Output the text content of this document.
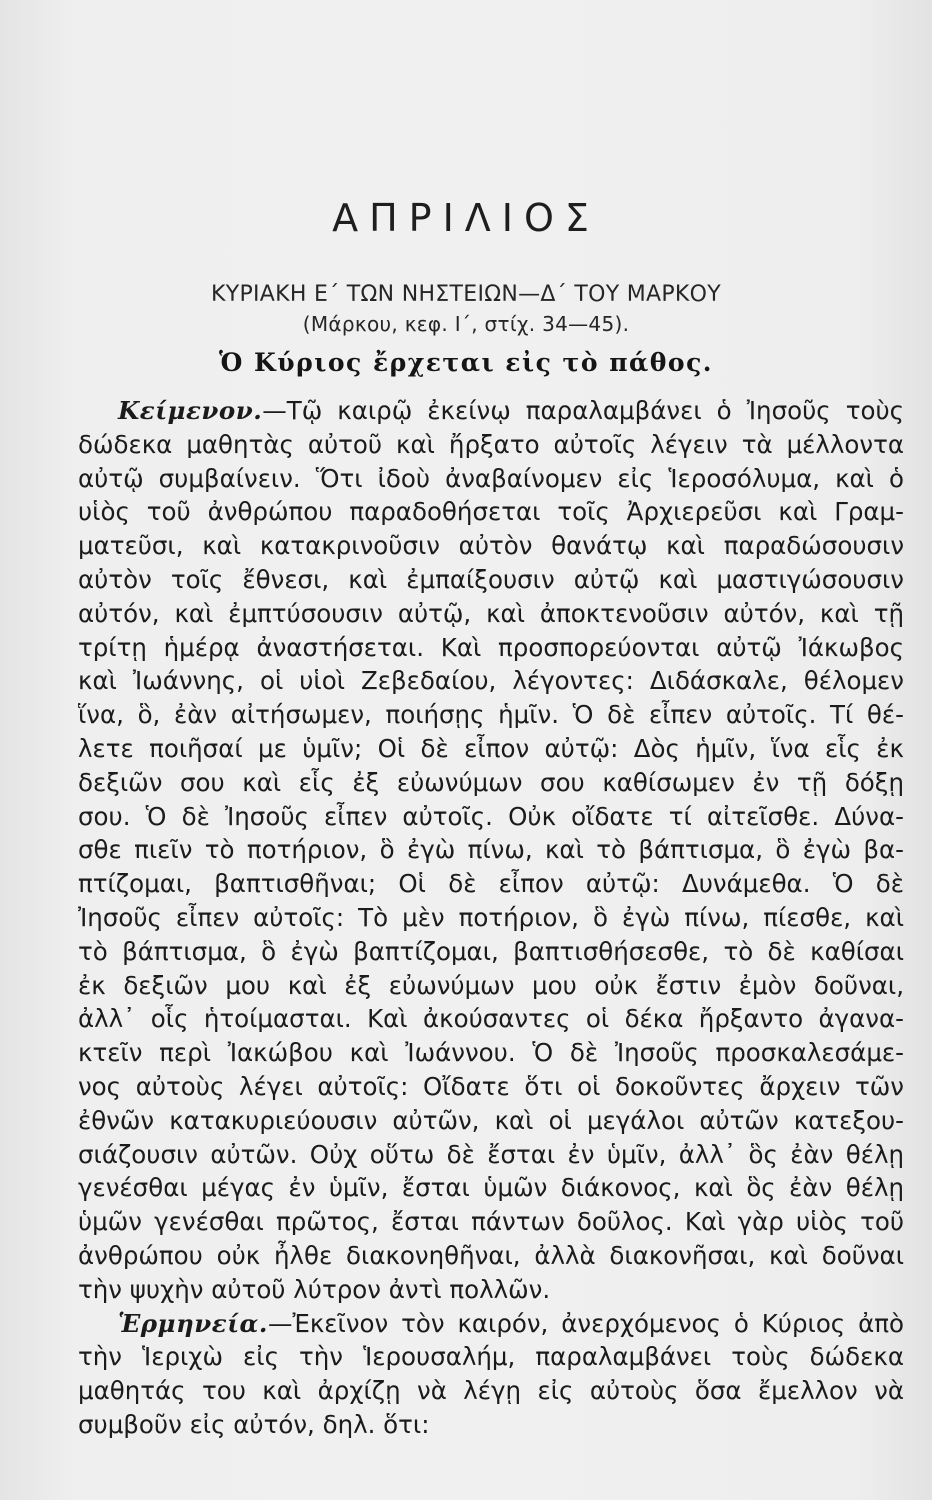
ΑΠΡΙΛΙΟΣ
ΚΥΡΙΑΚΗ Ε΄ ΤΩΝ ΝΗΣΤΕΙΩΝ—Δ΄ ΤΟΥ ΜΑΡΚΟΥ
(Μάρκου, κεφ. Ι΄, στίχ. 34—45).
Ὁ Κύριος ἔρχεται εἰς τὸ πάθος.
Κείμενον.—Τῷ καιρῷ ἐκείνῳ παραλαμβάνει ὁ Ἰησοῦς τοὺς
δώδεκα μαθητὰς αὐτοῦ καὶ ἤρξατο αὐτοῖς λέγειν τὰ μέλλοντα
αὐτῷ συμβαίνειν. Ὅτι ἰδοὺ ἀναβαίνομεν εἰς Ἱεροσόλυμα, καὶ ὁ
υἱὸς τοῦ ἀνθρώπου παραδοθήσεται τοῖς Ἀρχιερεῦσι καὶ Γραμ-
ματεῦσι, καὶ κατακρινοῦσιν αὐτὸν θανάτῳ καὶ παραδώσουσιν
αὐτὸν τοῖς ἔθνεσι, καὶ ἐμπαίξουσιν αὐτῷ καὶ μαστιγώσουσιν
αὐτόν, καὶ ἐμπτύσουσιν αὐτῷ, καὶ ἀποκτενοῦσιν αὐτόν, καὶ τῇ
τρίτῃ ἡμέρᾳ ἀναστήσεται. Καὶ προσπορεύονται αὐτῷ Ἰάκωβος
καὶ Ἰωάννης, οἱ υἱοὶ Ζεβεδαίου, λέγοντες: Διδάσκαλε, θέλομεν
ἵνα, ὃ, ἐὰν αἰτήσωμεν, ποιήσῃς ἡμῖν. Ὁ δὲ εἶπεν αὐτοῖς. Τί θέ-
λετε ποιῆσαί με ὑμῖν; Οἱ δὲ εἶπον αὐτῷ: Δὸς ἡμῖν, ἵνα εἷς ἐκ
δεξιῶν σου καὶ εἷς ἐξ εὐωνύμων σου καθίσωμεν ἐν τῇ δόξῃ
σου. Ὁ δὲ Ἰησοῦς εἶπεν αὐτοῖς. Οὐκ οἴδατε τί αἰτεῖσθε. Δύνα-
σθε πιεῖν τὸ ποτήριον, ὃ ἐγὼ πίνω, καὶ τὸ βάπτισμα, ὃ ἐγὼ βα-
πτίζομαι, βαπτισθῆναι; Οἱ δὲ εἶπον αὐτῷ: Δυνάμεθα. Ὁ δὲ
Ἰησοῦς εἶπεν αὐτοῖς: Τὸ μὲν ποτήριον, ὃ ἐγὼ πίνω, πίεσθε, καὶ
τὸ βάπτισμα, ὃ ἐγὼ βαπτίζομαι, βαπτισθήσεσθε, τὸ δὲ καθίσαι
ἐκ δεξιῶν μου καὶ ἐξ εὐωνύμων μου οὐκ ἔστιν ἐμὸν δοῦναι,
ἀλλ᾽ οἷς ἡτοίμασται. Καὶ ἀκούσαντες οἱ δέκα ἤρξαντο ἀγανα-
κτεῖν περὶ Ἰακώβου καὶ Ἰωάννου. Ὁ δὲ Ἰησοῦς προσκαλεσάμε-
νος αὐτοὺς λέγει αὐτοῖς: Οἴδατε ὅτι οἱ δοκοῦντες ἄρχειν τῶν
ἐθνῶν κατακυριεύουσιν αὐτῶν, καὶ οἱ μεγάλοι αὐτῶν κατεξου-
σιάζουσιν αὐτῶν. Οὐχ οὕτω δὲ ἔσται ἐν ὑμῖν, ἀλλ᾽ ὃς ἐὰν θέλῃ
γενέσθαι μέγας ἐν ὑμῖν, ἔσται ὑμῶν διάκονος, καὶ ὃς ἐὰν θέλῃ
ὑμῶν γενέσθαι πρῶτος, ἔσται πάντων δοῦλος. Καὶ γὰρ υἱὸς τοῦ
ἀνθρώπου οὐκ ἦλθε διακονηθῆναι, ἀλλὰ διακονῆσαι, καὶ δοῦναι
τὴν ψυχὴν αὐτοῦ λύτρον ἀντὶ πολλῶν.
Ἑρμηνεία.—Ἐκεῖνον τὸν καιρόν, ἀνερχόμενος ὁ Κύριος ἀπὸ
τὴν Ἱεριχὼ εἰς τὴν Ἱερουσαλήμ, παραλαμβάνει τοὺς δώδεκα
μαθητάς του καὶ ἀρχίζῃ νὰ λέγῃ εἰς αὐτοὺς ὅσα ἔμελλον νὰ
συμβοῦν εἰς αὐτόν, δηλ. ὅτι:
